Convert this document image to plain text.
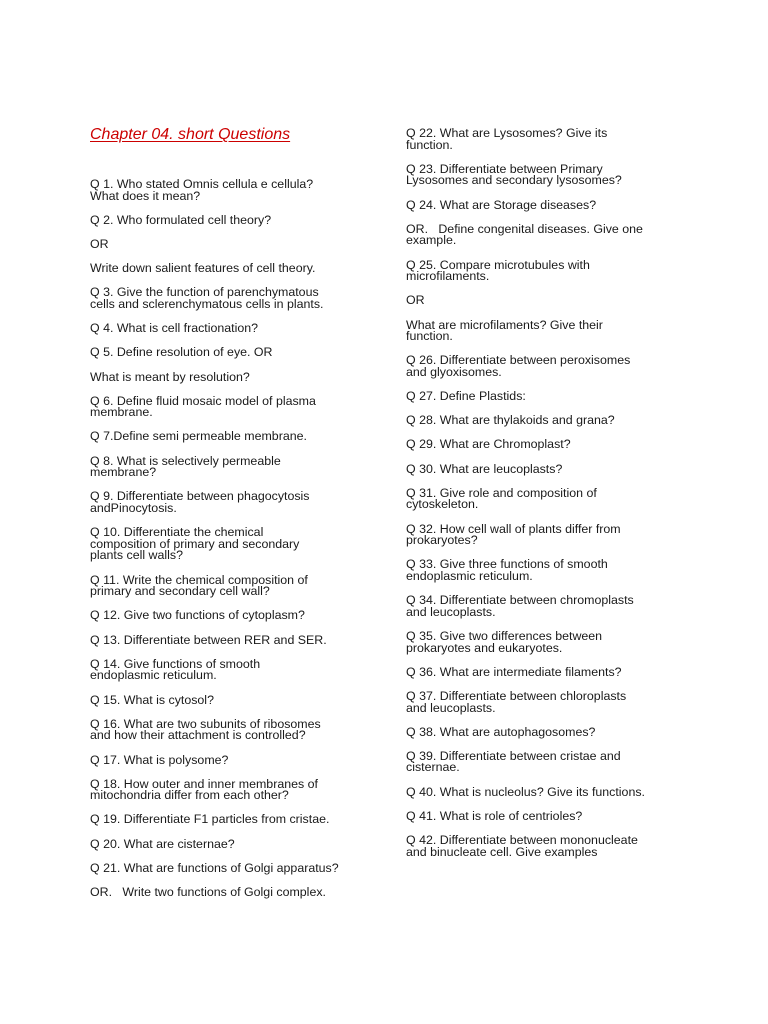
Chapter 04. short Questions
Q 1. Who stated Omnis cellula e cellula?
What does it mean?
Q 2. Who formulated cell theory?
OR
Write down salient features of cell theory.
Q 3. Give the function of parenchymatous
cells and sclerenchymatous cells in plants.
Q 4. What is cell fractionation?
Q 5. Define resolution of eye. OR
What is meant by resolution?
Q 6. Define fluid mosaic model of plasma
membrane.
Q 7.Define semi permeable membrane.
Q 8. What is selectively permeable
membrane?
Q 9. Differentiate between phagocytosis
andPinocytosis.
Q 10. Differentiate the chemical
composition of primary and secondary
plants cell walls?
Q 11. Write the chemical composition of
primary and secondary cell wall?
Q 12. Give two functions of cytoplasm?
Q 13. Differentiate between RER and SER.
Q 14. Give functions of smooth
endoplasmic reticulum.
Q 15. What is cytosol?
Q 16. What are two subunits of ribosomes
and how their attachment is controlled?
Q 17. What is polysome?
Q 18. How outer and inner membranes of
mitochondria differ from each other?
Q 19. Differentiate F1 particles from cristae.
Q 20. What are cisternae?
Q 21. What are functions of Golgi apparatus?
OR.   Write two functions of Golgi complex.
Q 22. What are Lysosomes? Give its
function.
Q 23. Differentiate between Primary
Lysosomes and secondary lysosomes?
Q 24. What are Storage diseases?
OR.   Define congenital diseases. Give one
example.
Q 25. Compare microtubules with
microfilaments.
OR
What are microfilaments? Give their
function.
Q 26. Differentiate between peroxisomes
and glyoxisomes.
Q 27. Define Plastids:
Q 28. What are thylakoids and grana?
Q 29. What are Chromoplast?
Q 30. What are leucoplasts?
Q 31. Give role and composition of
cytoskeleton.
Q 32. How cell wall of plants differ from
prokaryotes?
Q 33. Give three functions of smooth
endoplasmic reticulum.
Q 34. Differentiate between chromoplasts
and leucoplasts.
Q 35. Give two differences between
prokaryotes and eukaryotes.
Q 36. What are intermediate filaments?
Q 37. Differentiate between chloroplasts
and leucoplasts.
Q 38. What are autophagosomes?
Q 39. Differentiate between cristae and
cisternae.
Q 40. What is nucleolus? Give its functions.
Q 41. What is role of centrioles?
Q 42. Differentiate between mononucleate
and binucleate cell. Give examples
